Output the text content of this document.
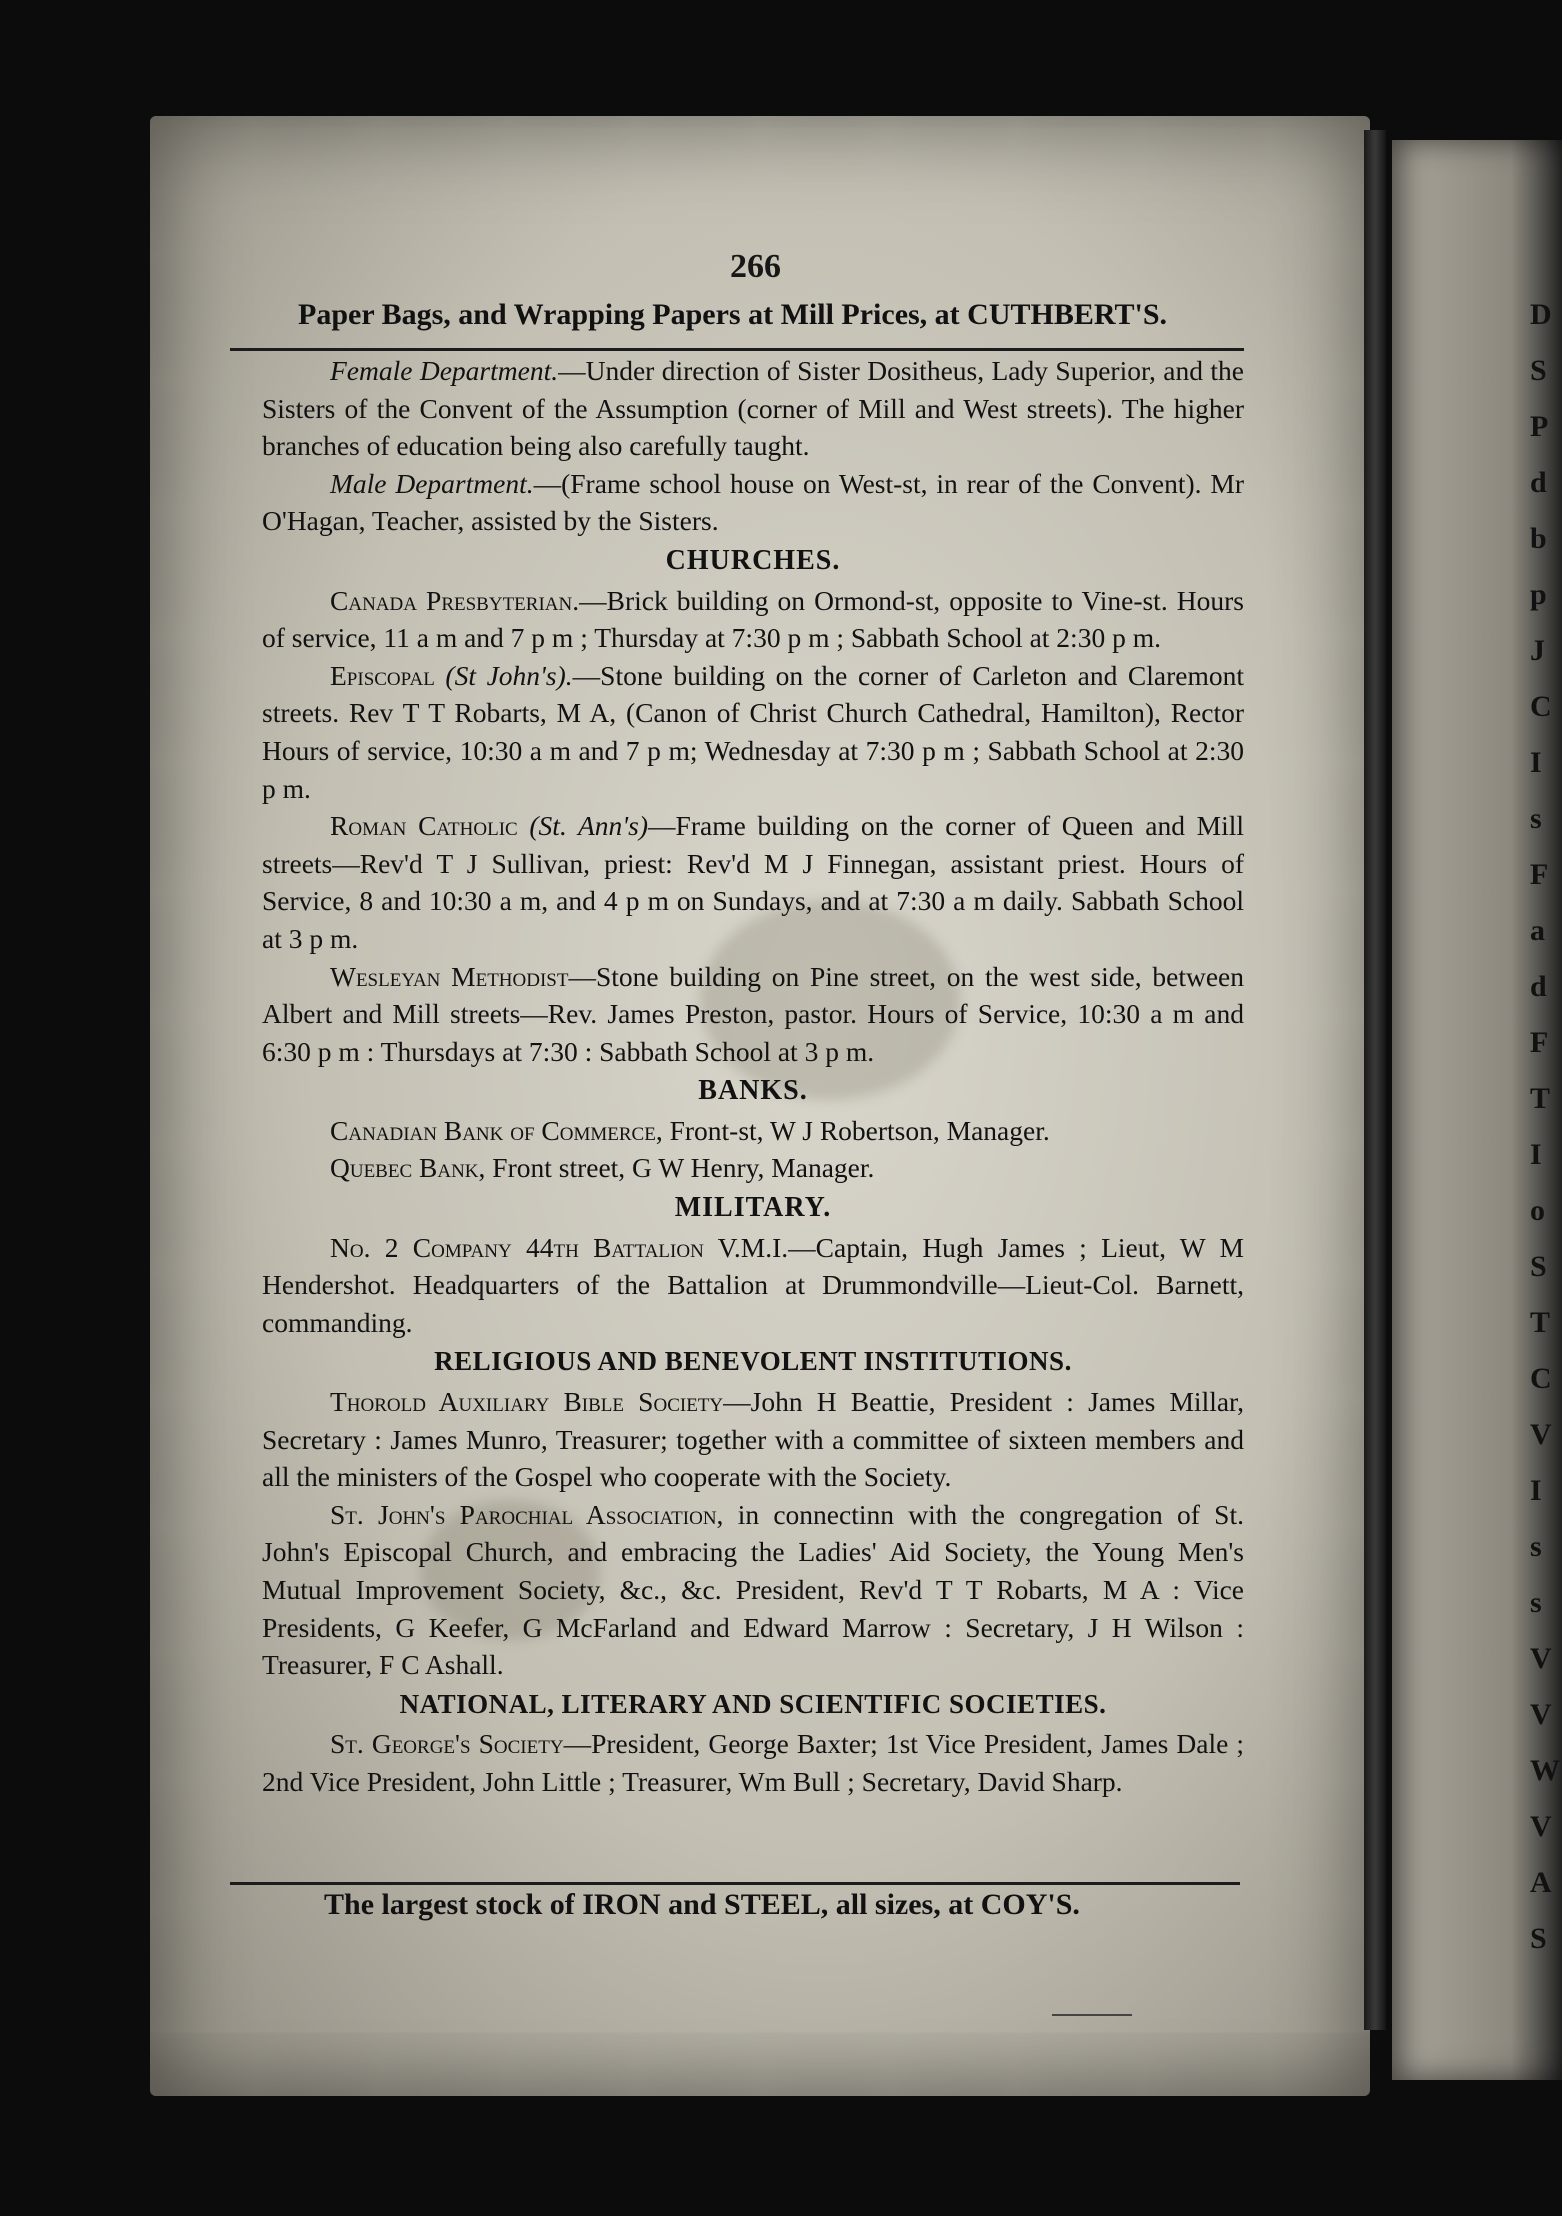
D
S
P
d
b
p
J
C
I
s
F
a
d
F
T
I
o
S
T
C
V
I
s
s
V
V
W
V
A
S
266
Paper Bags, and Wrapping Papers at Mill Prices, at CUTHBERT'S.

Female Department.—Under direction of Sister Dositheus, Lady Superior, and the Sisters of the Convent of the Assumption (corner of Mill and West streets). The higher branches of education being also carefully taught.

Male Department.—(Frame school house on West-st, in rear of the Convent). Mr O'Hagan, Teacher, assisted by the Sisters.

CHURCHES.

Canada Presbyterian.—Brick building on Ormond-st, opposite to Vine-st. Hours of service, 11 a m and 7 p m ; Thursday at 7:30 p m ; Sabbath School at 2:30 p m.

Episcopal (St John's).—Stone building on the corner of Carleton and Claremont streets. Rev T T Robarts, M A, (Canon of Christ Church Cathedral, Hamilton), Rector Hours of service, 10:30 a m and 7 p m; Wednesday at 7:30 p m ; Sabbath School at 2:30 p m.

Roman Catholic (St. Ann's)—Frame building on the corner of Queen and Mill streets—Rev'd T J Sullivan, priest: Rev'd M J Finnegan, assistant priest. Hours of Service, 8 and 10:30 a m, and 4 p m on Sundays, and at 7:30 a m daily. Sabbath School at 3 p m.

Wesleyan Methodist—Stone building on Pine street, on the west side, between Albert and Mill streets—Rev. James Preston, pastor. Hours of Service, 10:30 a m and 6:30 p m : Thursdays at 7:30 : Sabbath School at 3 p m.

BANKS.

Canadian Bank of Commerce, Front-st, W J Robertson, Manager.

Quebec Bank, Front street, G W Henry, Manager.

MILITARY.

No. 2 Company 44th Battalion V.M.I.—Captain, Hugh James ; Lieut, W M Hendershot. Headquarters of the Battalion at Drummondville—Lieut-Col. Barnett, commanding.

RELIGIOUS AND BENEVOLENT INSTITUTIONS.

Thorold Auxiliary Bible Society—John H Beattie, President : James Millar, Secretary : James Munro, Treasurer; together with a committee of sixteen members and all the ministers of the Gospel who cooperate with the Society.

St. John's Parochial Association, in connectinn with the congregation of St. John's Episcopal Church, and embracing the Ladies' Aid Society, the Young Men's Mutual Improvement Society, &c., &c. President, Rev'd T T Robarts, M A : Vice Presidents, G Keefer, G McFarland and Edward Marrow : Secretary, J H Wilson : Treasurer, F C Ashall.

NATIONAL, LITERARY AND SCIENTIFIC SOCIETIES.

St. George's Society—President, George Baxter; 1st Vice President, James Dale ; 2nd Vice President, John Little ; Treasurer, Wm Bull ; Secretary, David Sharp.

The largest stock of IRON and STEEL, all sizes, at COY'S.
